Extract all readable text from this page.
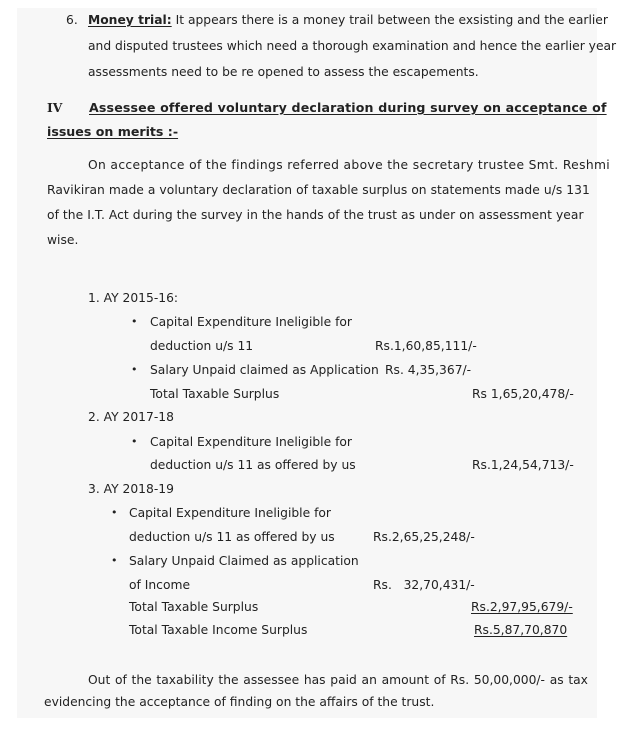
6. Money trial: It appears there is a money trail between the exsisting and the earlier
and disputed trustees which need a thorough examination and hence the earlier year
assessments need to be re opened to assess the escapements.
IV Assessee offered voluntary declaration during survey on acceptance of
issues on merits :-
On acceptance of the findings referred above the secretary trustee Smt. Reshmi
Ravikiran made a voluntary declaration of taxable surplus on statements made u/s 131
of the I.T. Act during the survey in the hands of the trust as under on assessment year
wise.
1. AY 2015-16:
• Capital Expenditure Ineligible for
deduction u/s 11	Rs.1,60,85,111/-
• Salary Unpaid claimed as Application Rs. 4,35,367/-
Total Taxable Surplus	Rs 1,65,20,478/-
2. AY 2017-18
• Capital Expenditure Ineligible for
deduction u/s 11 as offered by us	Rs.1,24,54,713/-
3. AY 2018-19
• Capital Expenditure Ineligible for
deduction u/s 11 as offered by us	Rs.2,65,25,248/-
• Salary Unpaid Claimed as application
of Income	Rs.   32,70,431/-
Total Taxable Surplus	Rs.2,97,95,679/-
Total Taxable Income Surplus	Rs.5,87,70,870
Out of the taxability the assessee has paid an amount of Rs. 50,00,000/- as tax
evidencing the acceptance of finding on the affairs of the trust.
